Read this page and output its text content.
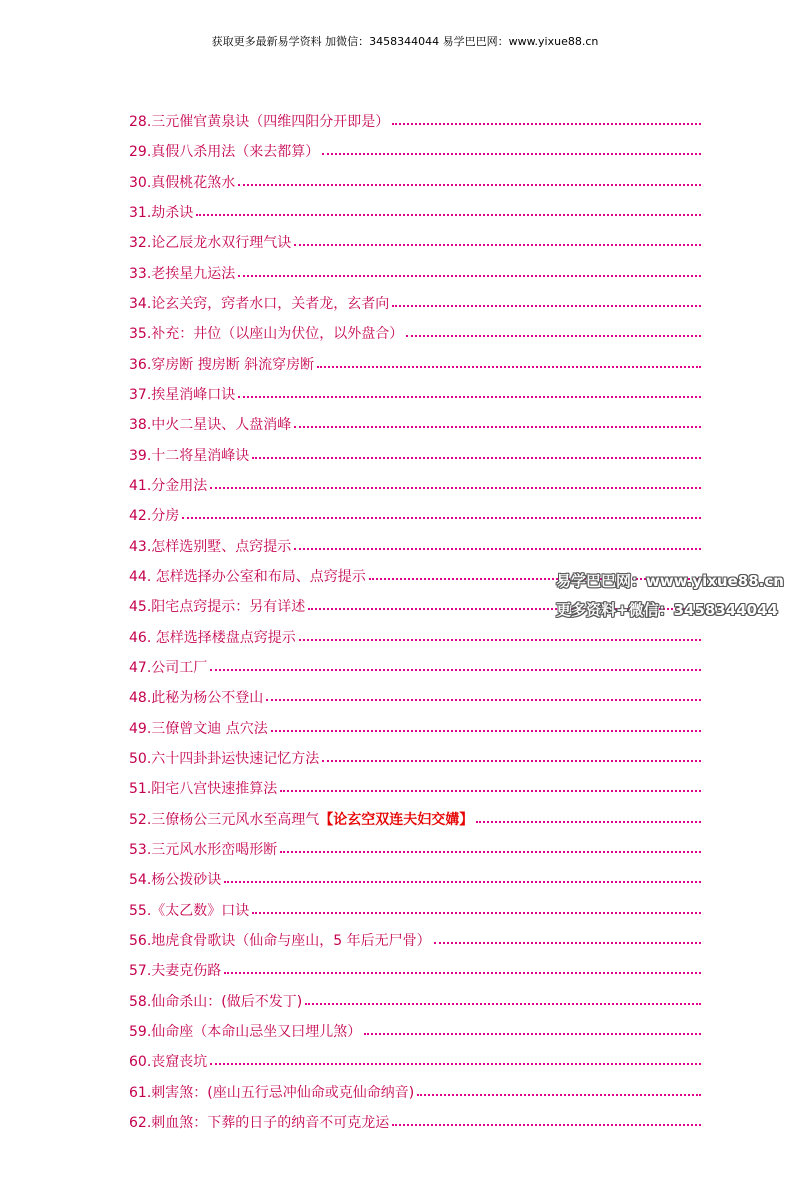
获取更多最新易学资料 加微信：3458344044 易学巴巴网：www.yixue88.cn
28.三元催官黄泉诀（四维四阳分开即是）
29.真假八杀用法（来去都算）
30.真假桃花煞水
31.劫杀诀
32.论乙辰龙水双行理气诀
33.老挨星九运法
34.论玄关窍，窍者水口，关者龙，玄者向
35.补充：井位（以座山为伏位，以外盘合）
36.穿房断 搜房断 斜流穿房断
37.挨星消峰口诀
38.中火二星诀、人盘消峰
39.十二将星消峰诀
41.分金用法
42.分房
43.怎样选别墅、点窍提示
44. 怎样选择办公室和布局、点窍提示
45.阳宅点窍提示：另有详述
46. 怎样选择楼盘点窍提示
47.公司工厂
48.此秘为杨公不登山
49.三僚曾文迪 点穴法
50.六十四卦卦运快速记忆方法
51.阳宅八宫快速推算法
52.三僚杨公三元风水至高理气【论玄空双连夫妇交媾】
53.三元风水形峦喝形断
54.杨公拨砂诀
55.《太乙数》口诀
56.地虎食骨歌诀（仙命与座山，5 年后无尸骨）
57.夫妻克伤路
58.仙命杀山：(做后不发丁)
59.仙命座（本命山忌坐又曰埋儿煞）
60.丧窟丧坑
61.刺害煞：(座山五行忌冲仙命或克仙命纳音)
62.刺血煞：下葬的日子的纳音不可克龙运
易学巴巴网：www.yixue88.cn
更多资料+微信：3458344044
